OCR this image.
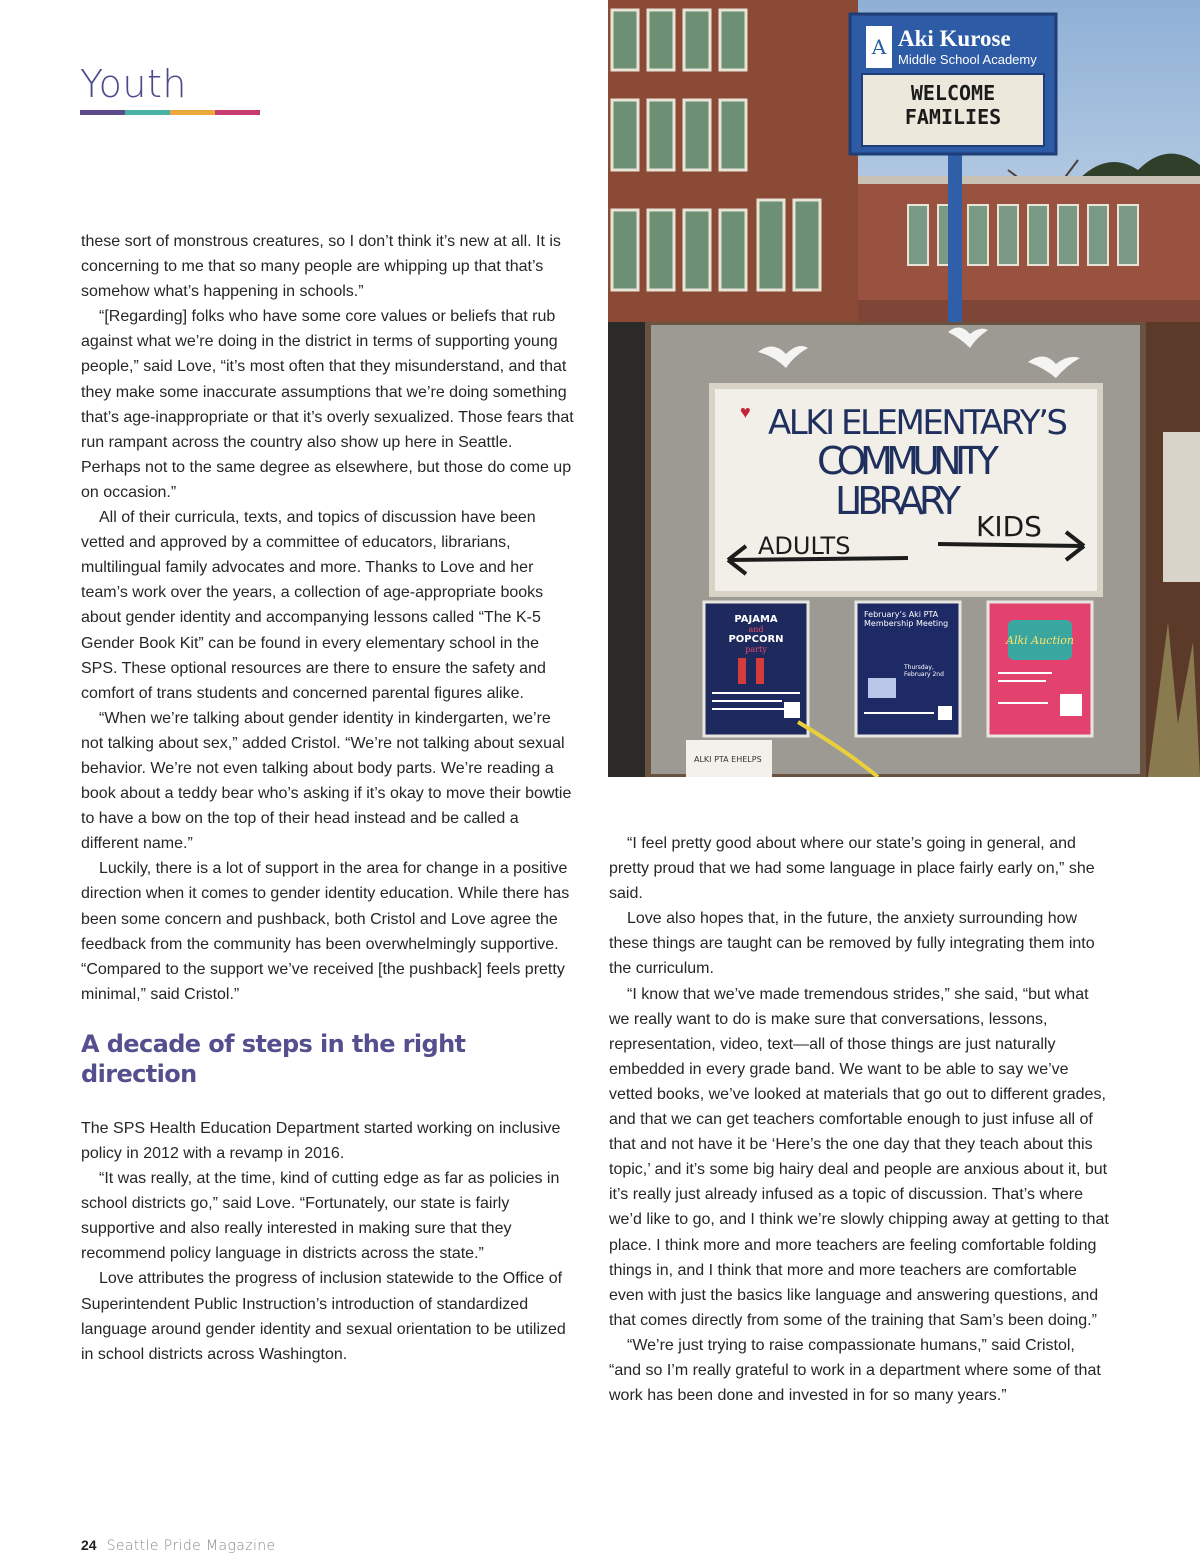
Youth

these sort of monstrous creatures, so I don’t think it’s new at all. It is concerning to me that so many people are whipping up that that’s somehow what’s happening in schools.”

“[Regarding] folks who have some core values or beliefs that rub against what we’re doing in the district in terms of supporting young people,” said Love, “it’s most often that they misunderstand, and that they make some inaccurate assumptions that we’re doing something that’s age-inappropriate or that it’s overly sexualized. Those fears that run rampant across the country also show up here in Seattle. Perhaps not to the same degree as elsewhere, but those do come up on occasion.”

All of their curricula, texts, and topics of discussion have been vetted and approved by a committee of educators, librarians, multilingual family advocates and more. Thanks to Love and her team’s work over the years, a collection of age-appropriate books about gender identity and accompanying lessons called “The K-5 Gender Book Kit” can be found in every elementary school in the SPS. These optional resources are there to ensure the safety and comfort of trans students and concerned parental figures alike.

“When we’re talking about gender identity in kindergarten, we’re not talking about sex,” added Cristol. “We’re not talking about sexual behavior. We’re not even talking about body parts. We’re reading a book about a teddy bear who’s asking if it’s okay to move their bowtie to have a bow on the top of their head instead and be called a different name.”

Luckily, there is a lot of support in the area for change in a positive direction when it comes to gender identity education. While there has been some concern and pushback, both Cristol and Love agree the feedback from the community has been overwhelmingly supportive. “Compared to the support we’ve received [the pushback] feels pretty minimal,” said Cristol.”

A decade of steps in the right direction

The SPS Health Education Department started working on inclusive policy in 2012 with a revamp in 2016.

“It was really, at the time, kind of cutting edge as far as policies in school districts go,” said Love. “Fortunately, our state is fairly supportive and also really interested in making sure that they recommend policy language in districts across the state.”

Love attributes the progress of inclusion statewide to the Office of Superintendent Public Instruction’s introduction of standardized language around gender identity and sexual orientation to be utilized in school districts across Washington.

“I feel pretty good about where our state’s going in general, and pretty proud that we had some language in place fairly early on,” she said.

Love also hopes that, in the future, the anxiety surrounding how these things are taught can be removed by fully integrating them into the curriculum.

“I know that we’ve made tremendous strides,” she said, “but what we really want to do is make sure that conversations, lessons, representation, video, text—all of those things are just naturally embedded in every grade band. We want to be able to say we’ve vetted books, we’ve looked at materials that go out to different grades, and that we can get teachers comfortable enough to just infuse all of that and not have it be ‘Here’s the one day that they teach about this topic,’ and it’s some big hairy deal and people are anxious about it, but it’s really just already infused as a topic of discussion. That’s where we’d like to go, and I think we’re slowly chipping away at getting to that place. I think more and more teachers are feeling comfortable folding things in, and I think that more and more teachers are comfortable even with just the basics like language and answering questions, and that comes directly from some of the training that Sam’s been doing.”

“We’re just trying to raise compassionate humans,” said Cristol, “and so I’m really grateful to work in a department where some of that work has been done and invested in for so many years.”

A Aki Kurose
Middle School Academy
WELCOME
FAMILIES
♥ ALKI ELEMENTARY’S
COMMUNITY
LIBRARY
ADULTS
KIDS
PAJAMA
and
POPCORN
party
February’s Aki PTA Membership Meeting
Thursday, February 2nd
Alki Auction
ALKI PTA EHELPS
24 Seattle Pride Magazine
